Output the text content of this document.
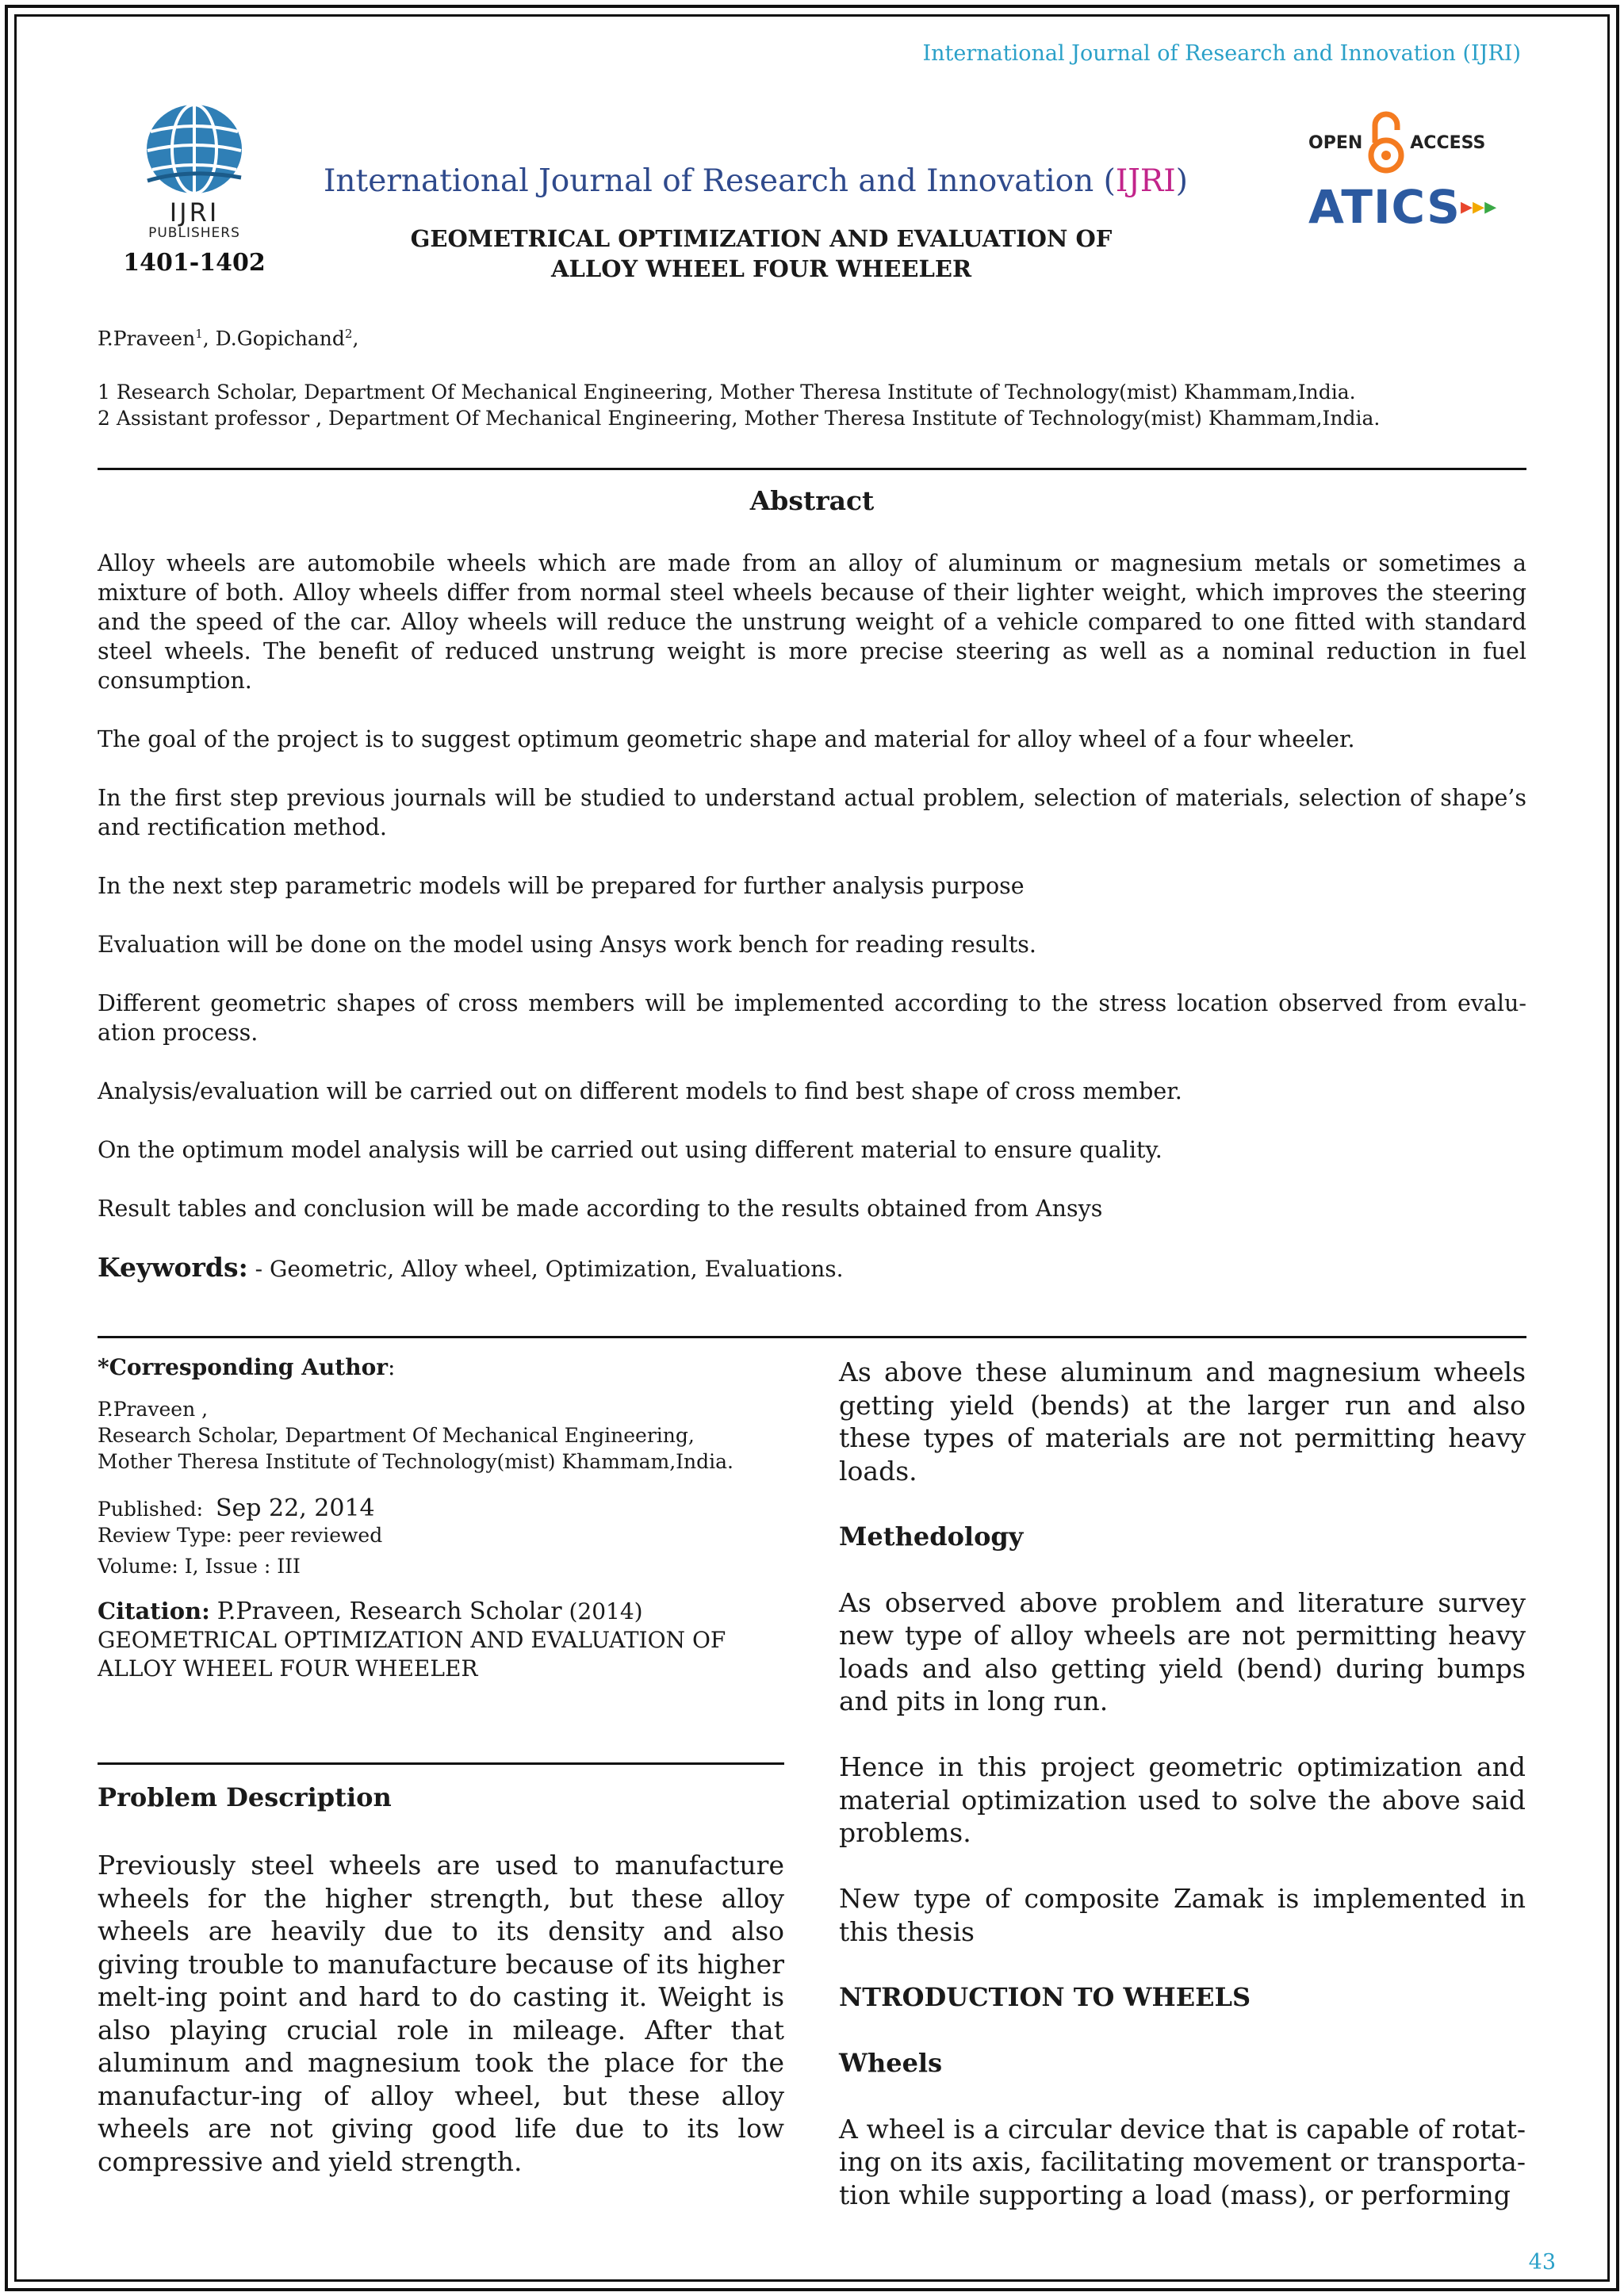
International Journal of Research and Innovation (IJRI)
IJRI
PUBLISHERS
1401-1402
International Journal of Research and Innovation (IJRI)
GEOMETRICAL OPTIMIZATION AND EVALUATION OF
ALLOY WHEEL FOUR WHEELER
OPEN	ACCESS
ATICS ▸▸▸
P.Praveen$^1$, D.Gopichand$^2$,
1 Research Scholar, Department Of Mechanical Engineering, Mother Theresa Institute of Technology(mist) Khammam,India.
2 Assistant professor , Department Of Mechanical Engineering, Mother Theresa Institute of Technology(mist) Khammam,India.
Abstract

Alloy wheels are automobile wheels which are made from an alloy of aluminum or magnesium metals or sometimes a mixture of both. Alloy wheels differ from normal steel wheels because of their lighter weight, which improves the steering and the speed of the car. Alloy wheels will reduce the unstrung weight of a vehicle compared to one fitted with standard steel wheels. The benefit of reduced unstrung weight is more precise steering as well as a nominal reduction in fuel consumption.

The goal of the project is to suggest optimum geometric shape and material for alloy wheel of a four wheeler.

In the first step previous journals will be studied to understand actual problem, selection of materials, selection of shape’s and rectification method.

In the next step parametric models will be prepared for further analysis purpose

Evaluation will be done on the model using Ansys work bench for reading results.

Different geometric shapes of cross members will be implemented according to the stress location observed from evalu-ation process.

Analysis/evaluation will be carried out on different models to find best shape of cross member.

On the optimum model analysis will be carried out using different material to ensure quality.

Result tables and conclusion will be made according to the results obtained from Ansys

Keywords: - Geometric, Alloy wheel, Optimization, Evaluations.

*Corresponding Author:

P.Praveen ,

Research Scholar, Department Of Mechanical Engineering,

Mother Theresa Institute of Technology(mist) Khammam,India.

Published: Sep 22, 2014

Review Type: peer reviewed

Volume: I, Issue : III

Citation: P.Praveen, Research Scholar (2014)
GEOMETRICAL OPTIMIZATION AND EVALUATION OF
ALLOY WHEEL FOUR WHEELER

Problem Description

Previously steel wheels are used to manufacture wheels for the higher strength, but these alloy wheels are heavily due to its density and also giving trouble to manufacture because of its higher melt-ing point and hard to do casting it. Weight is also playing crucial role in mileage. After that aluminum and magnesium took the place for the manufactur-ing of alloy wheel, but these alloy wheels are not giving good life due to its low compressive and yield strength.

As above these aluminum and magnesium wheels getting yield (bends) at the larger run and also these types of materials are not permitting heavy loads.

Methedology

As observed above problem and literature survey new type of alloy wheels are not permitting heavy loads and also getting yield (bend) during bumps and pits in long run.

Hence in this project geometric optimization and material optimization used to solve the above said problems.

New type of composite Zamak is implemented in this thesis

NTRODUCTION TO WHEELS

Wheels

A wheel is a circular device that is capable of rotat-ing on its axis, facilitating movement or transporta-tion while supporting a load (mass), or performing

43
